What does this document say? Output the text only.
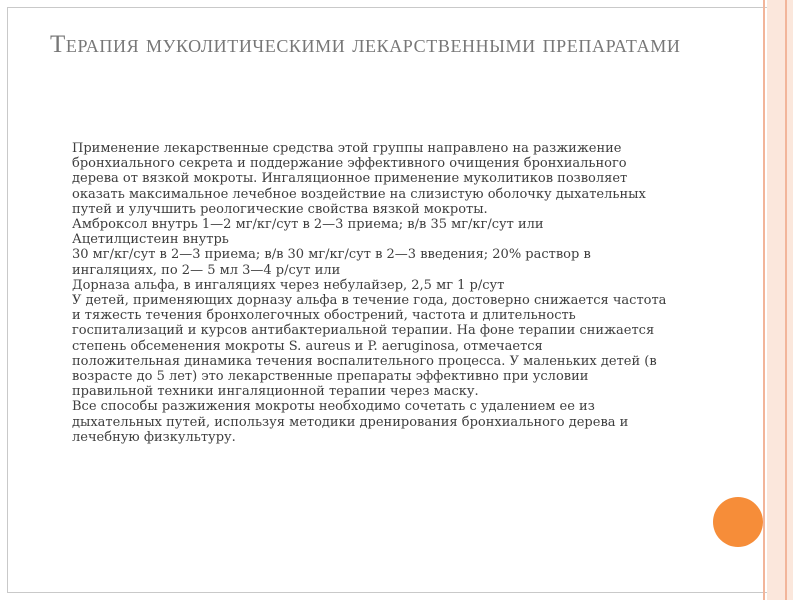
Терапия муколитическими лекарственными препаратами
Применение лекарственные средства этой группы направлено на разжижение
бронхиального секрета и поддержание эффективного очищения бронхиального
дерева от вязкой мокроты. Ингаляционное применение муколитиков позволяет
оказать максимальное лечебное воздействие на слизистую оболочку дыхательных
путей и улучшить реологические свойства вязкой мокроты.
Амброксол внутрь 1—2 мг/кг/сут в 2—3 приема; в/в 35 мг/кг/сут или
Ацетилцистеин внутрь
30 мг/кг/сут в 2—3 приема; в/в 30 мг/кг/сут в 2—3 введения; 20% раствор в
ингаляциях, по 2— 5 мл 3—4 р/сут или
Дорназа альфа, в ингаляциях через небулайзер, 2,5 мг 1 р/сут
У детей, применяющих дорназу альфа в течение года, достоверно снижается частота
и тяжесть течения бронхолегочных обострений, частота и длительность
госпитализаций и курсов антибактериальной терапии. На фоне терапии снижается
степень обсеменения мокроты S. aureus и P. aeruginosa, отмечается
положительная динамика течения воспалительного процесса. У маленьких детей (в
возрасте до 5 лет) это лекарственные препараты эффективно при условии
правильной техники ингаляционной терапии через маску.
Все способы разжижения мокроты необходимо сочетать с удалением ее из
дыхательных путей, используя методики дренирования бронхиального дерева и
лечебную физкультуру.
